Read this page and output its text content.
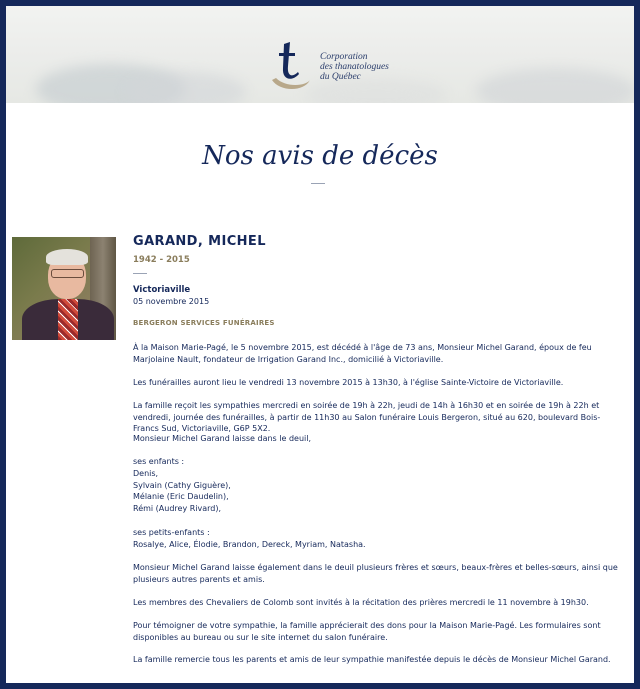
Corporation
des thanatologues
du Québec
Nos avis de décès
GARAND, MICHEL
1942 - 2015
Victoriaville
05 novembre 2015
BERGERON SERVICES FUNÉRAIRES

À la Maison Marie-Pagé, le 5 novembre 2015, est décédé à l'âge de 73 ans, Monsieur Michel Garand, époux de feu Marjolaine Nault, fondateur de Irrigation Garand Inc., domicilié à Victoriaville.

Les funérailles auront lieu le vendredi 13 novembre 2015 à 13h30, à l'église Sainte-Victoire de Victoriaville.

La famille reçoit les sympathies mercredi en soirée de 19h à 22h, jeudi de 14h à 16h30 et en soirée de 19h à 22h et vendredi, journée des funérailles, à partir de 11h30 au Salon funéraire Louis Bergeron, situé au 620, boulevard Bois-Francs Sud, Victoriaville, G6P 5X2.

Monsieur Michel Garand laisse dans le deuil,

ses enfants :

Denis,

Sylvain (Cathy Giguère),

Mélanie (Eric Daudelin),

Rémi (Audrey Rivard),

ses petits-enfants :

Rosalye, Alice, Élodie, Brandon, Dereck, Myriam, Natasha.

Monsieur Michel Garand laisse également dans le deuil plusieurs frères et sœurs, beaux-frères et belles-sœurs, ainsi que plusieurs autres parents et amis.

Les membres des Chevaliers de Colomb sont invités à la récitation des prières mercredi le 11 novembre à 19h30.

Pour témoigner de votre sympathie, la famille apprécierait des dons pour la Maison Marie-Pagé. Les formulaires sont disponibles au bureau ou sur le site internet du salon funéraire.

La famille remercie tous les parents et amis de leur sympathie manifestée depuis le décès de Monsieur Michel Garand.
